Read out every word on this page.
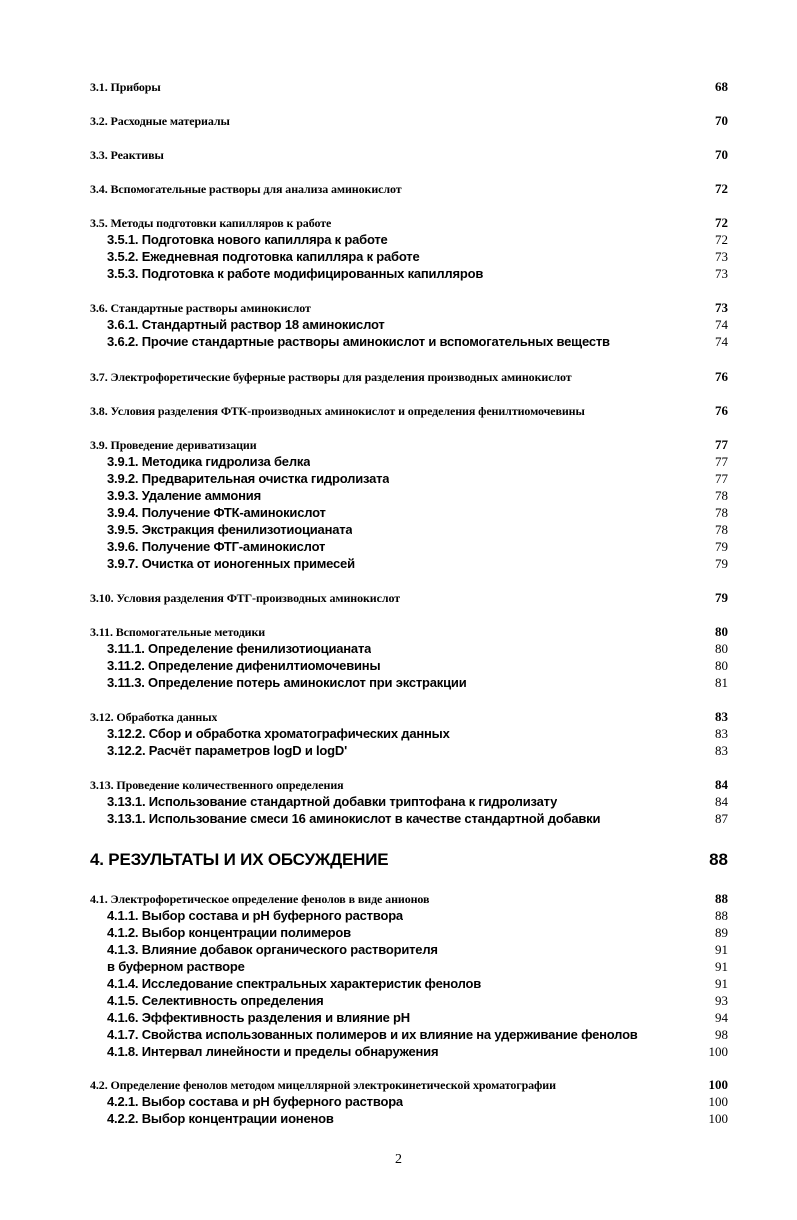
3.1. Приборы	68
3.2. Расходные материалы	70
3.3. Реактивы	70
3.4. Вспомогательные растворы для анализа аминокислот	72
3.5. Методы подготовки капилляров к работе	72
3.5.1. Подготовка нового капилляра к работе	72
3.5.2. Ежедневная подготовка капилляра к работе	73
3.5.3. Подготовка к работе модифицированных капилляров	73
3.6. Стандартные растворы аминокислот	73
3.6.1. Стандартный раствор 18 аминокислот	74
3.6.2. Прочие стандартные растворы аминокислот и вспомогательных веществ	74
3.7. Электрофоретические буферные растворы для разделения производных аминокислот	76
3.8. Условия разделения ФТК-производных аминокислот и определения фенилтиомочевины	76
3.9. Проведение дериватизации	77
3.9.1. Методика гидролиза белка	77
3.9.2. Предварительная очистка гидролизата	77
3.9.3. Удаление аммония	78
3.9.4. Получение ФТК-аминокислот	78
3.9.5. Экстракция фенилизотиоцианата	78
3.9.6. Получение ФТГ-аминокислот	79
3.9.7. Очистка от ионогенных примесей	79
3.10. Условия разделения ФТГ-производных аминокислот	79
3.11. Вспомогательные методики	80
3.11.1. Определение фенилизотиоцианата	80
3.11.2. Определение дифенилтиомочевины	80
3.11.3. Определение потерь аминокислот при экстракции	81
3.12. Обработка данных	83
3.12.2. Сбор и обработка хроматографических данных	83
3.12.2. Расчёт параметров logD и logD'	83
3.13. Проведение количественного определения	84
3.13.1. Использование стандартной добавки триптофана к гидролизату	84
3.13.1. Использование смеси 16 аминокислот в качестве стандартной добавки	87
4. РЕЗУЛЬТАТЫ И ИХ ОБСУЖДЕНИЕ	88
4.1. Электрофоретическое определение фенолов в виде анионов	88
4.1.1. Выбор состава и pH буферного раствора	88
4.1.2. Выбор концентрации полимеров	89
4.1.3. Влияние добавок органического растворителя	91
в буферном растворе	91
4.1.4. Исследование спектральных характеристик фенолов	91
4.1.5. Селективность определения	93
4.1.6. Эффективность разделения и влияние pH	94
4.1.7. Свойства использованных полимеров и их влияние на удерживание фенолов	98
4.1.8. Интервал линейности и пределы обнаружения	100
4.2. Определение фенолов методом мицеллярной электрокинетической хроматографии	100
4.2.1. Выбор состава и pH буферного раствора	100
4.2.2. Выбор концентрации ионенов	100
2
